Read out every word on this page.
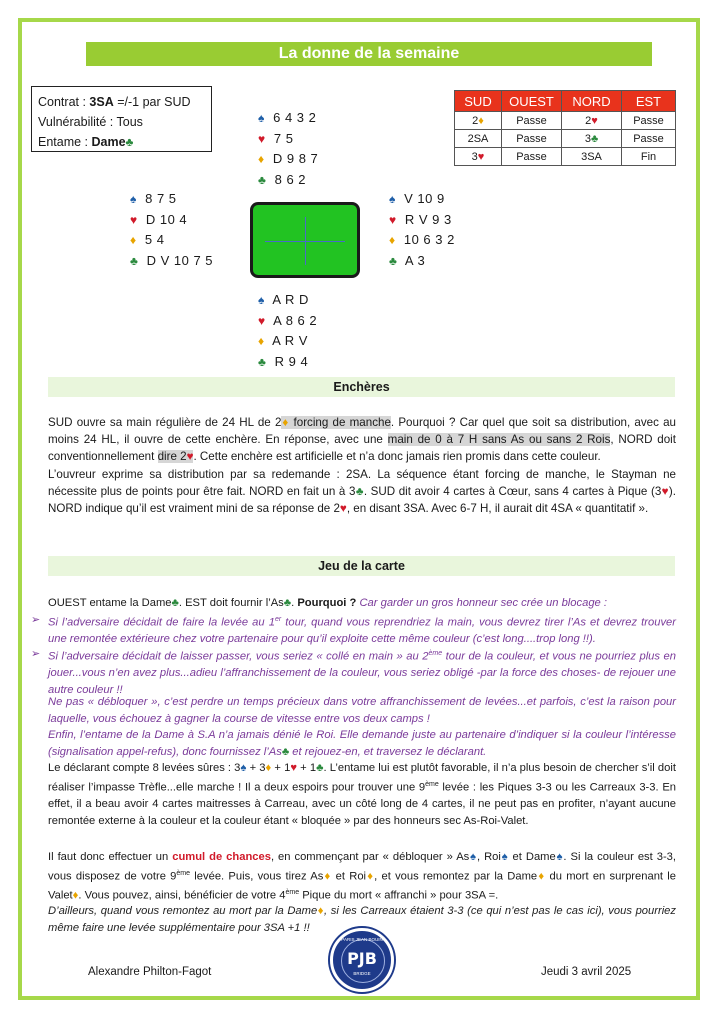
La donne de la semaine
Contrat : 3SA =/-1 par SUD
Vulnérabilité : Tous
Entame : Dame♣
♠ 6 4 3 2
♥ 7 5
♦ D 9 8 7
♣ 8 6 2
♠ 8 7 5
♥ D 10 4
♦ 5 4
♣ D V 10 7 5
♠ V 10 9
♥ R V 9 3
♦ 10 6 3 2
♣ A 3
♠ A R D
♥ A 8 6 2
♦ A R V
♣ R 9 4
SUD	OUEST	NORD	EST
2♦	Passe	2♥	Passe
2SA	Passe	3♣	Passe
3♥	Passe	3SA	Fin
Enchères
SUD ouvre sa main régulière de 24 HL de 2♦ forcing de manche. Pourquoi ? Car quel que soit sa distribution, avec au moins 24 HL, il ouvre de cette enchère. En réponse, avec une main de 0 à 7 H sans As ou sans 2 Rois, NORD doit conventionnellement dire 2♥. Cette enchère est artificielle et n’a donc jamais rien promis dans cette couleur.
L’ouvreur exprime sa distribution par sa redemande : 2SA. La séquence étant forcing de manche, le Stayman ne nécessite plus de points pour être fait. NORD en fait un à 3♣. SUD dit avoir 4 cartes à Cœur, sans 4 cartes à Pique (3♥). NORD indique qu’il est vraiment mini de sa réponse de 2♥, en disant 3SA. Avec 6-7 H, il aurait dit 4SA « quantitatif ».
Jeu de la carte
OUEST entame la Dame♣. EST doit fournir l’As♣. Pourquoi ? Car garder un gros honneur sec crée un blocage :
➢ Si l’adversaire décidait de faire la levée au 1er tour, quand vous reprendriez la main, vous devrez tirer l’As et devrez trouver une remontée extérieure chez votre partenaire pour qu’il exploite cette même couleur (c’est long....trop long !!).
➢ Si l’adversaire décidait de laisser passer, vous seriez « collé en main » au 2ème tour de la couleur, et vous ne pourriez plus en jouer...vous n’en avez plus...adieu l’affranchissement de la couleur, vous seriez obligé -par la force des choses- de rejouer une autre couleur !!
Ne pas « débloquer », c’est perdre un temps précieux dans votre affranchissement de levées...et parfois, c’est la raison pour laquelle, vous échouez à gagner la course de vitesse entre vos deux camps !
Enfin, l’entame de la Dame à S.A n’a jamais dénié le Roi. Elle demande juste au partenaire d’indiquer si la couleur l’intéresse (signalisation appel-refus), donc fournissez l’As♣ et rejouez-en, et traversez le déclarant.
Le déclarant compte 8 levées sûres : 3♠ + 3♦ + 1♥ + 1♣. L’entame lui est plutôt favorable, il n’a plus besoin de chercher s’il doit réaliser l’impasse Trèfle...elle marche ! Il a deux espoirs pour trouver une 9ème levée : les Piques 3-3 ou les Carreaux 3-3. En effet, il a beau avoir 4 cartes maitresses à Carreau, avec un côté long de 4 cartes, il ne peut pas en profiter, n’ayant aucune remontée externe à la couleur et la couleur étant « bloquée » par des honneurs sec As-Roi-Valet.
Il faut donc effectuer un cumul de chances, en commençant par « débloquer » As♠, Roi♠ et Dame♠. Si la couleur est 3-3, vous disposez de votre 9ème levée. Puis, vous tirez As♦ et Roi♦, et vous remontez par la Dame♦ du mort en surprenant le Valet♦. Vous pouvez, ainsi, bénéficier de votre 4ème Pique du mort « affranchi » pour 3SA =.
D’ailleurs, quand vous remontez au mort par la Dame♦, si les Carreaux étaient 3-3 (ce qui n’est pas le cas ici), vous pourriez même faire une levée supplémentaire pour 3SA +1 !!
Alexandre Philton-Fagot
PARIS JEAN BOUIN
PJB
BRIDGE	Jeudi 3 avril 2025
